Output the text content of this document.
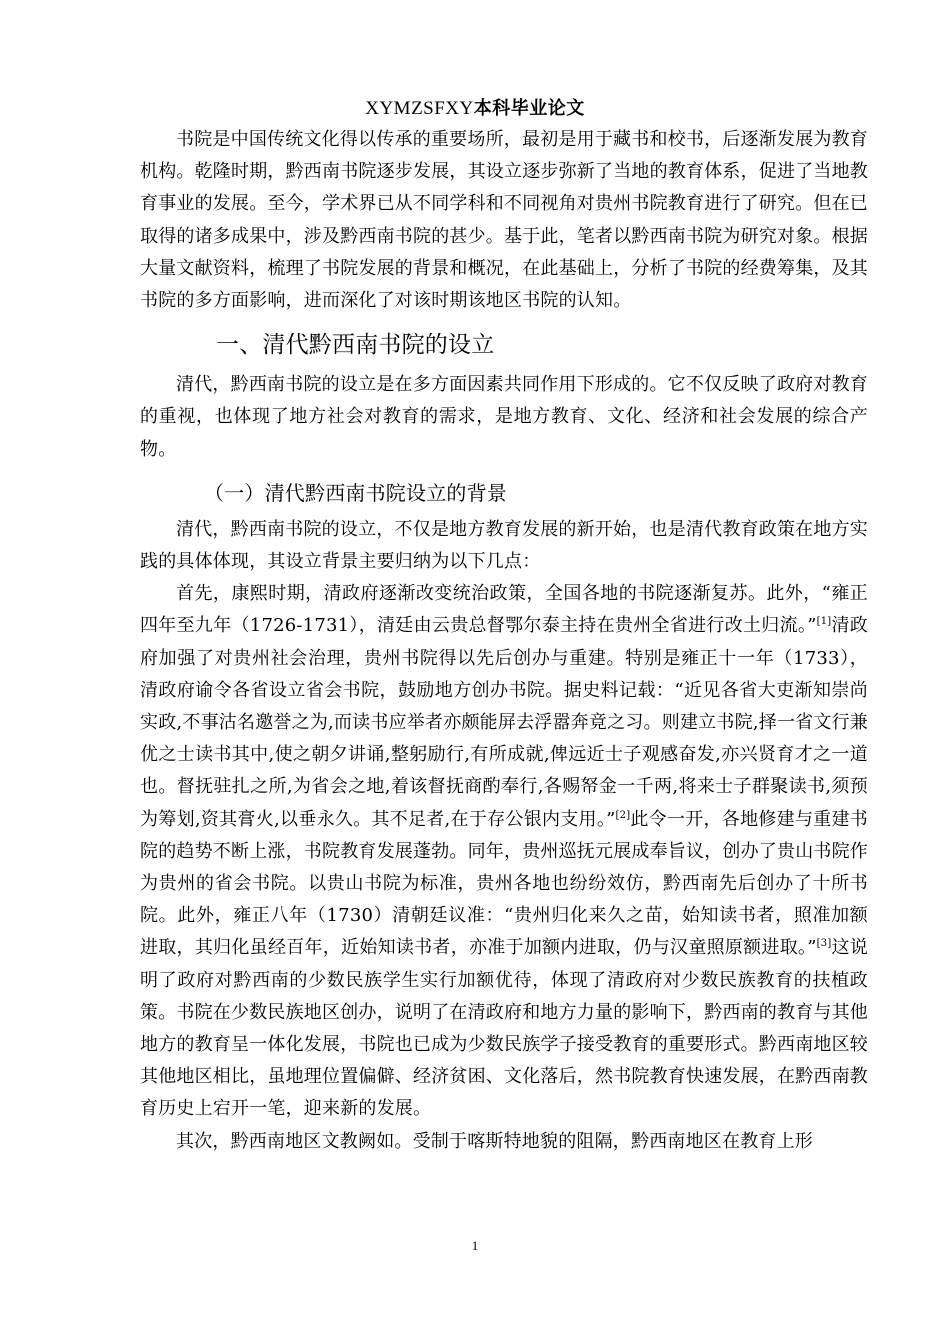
XYMZSFXY本科毕业论文

书院是中国传统文化得以传承的重要场所，最初是用于藏书和校书，后逐渐发展为教育机构。乾隆时期，黔西南书院逐步发展，其设立逐步弥新了当地的教育体系，促进了当地教育事业的发展。至今，学术界已从不同学科和不同视角对贵州书院教育进行了研究。但在已取得的诸多成果中，涉及黔西南书院的甚少。基于此，笔者以黔西南书院为研究对象。根据大量文献资料，梳理了书院发展的背景和概况，在此基础上，分析了书院的经费筹集，及其书院的多方面影响，进而深化了对该时期该地区书院的认知。

一、清代黔西南书院的设立

清代，黔西南书院的设立是在多方面因素共同作用下形成的。它不仅反映了政府对教育的重视，也体现了地方社会对教育的需求，是地方教育、文化、经济和社会发展的综合产物。

（一）清代黔西南书院设立的背景

清代，黔西南书院的设立，不仅是地方教育发展的新开始，也是清代教育政策在地方实践的具体体现，其设立背景主要归纳为以下几点：

首先，康熙时期，清政府逐渐改变统治政策，全国各地的书院逐渐复苏。此外，“雍正四年至九年（1726-1731），清廷由云贵总督鄂尔泰主持在贵州全省进行改土归流。”[1]清政府加强了对贵州社会治理，贵州书院得以先后创办与重建。特别是雍正十一年（1733），清政府谕令各省设立省会书院，鼓励地方创办书院。据史料记载：“近见各省大吏渐知崇尚实政,不事沽名邀誉之为,而读书应举者亦颇能屏去浮嚣奔竟之习。则建立书院,择一省文行兼优之士读书其中,使之朝夕讲诵,整躬励行,有所成就,俾远近士子观感奋发,亦兴贤育才之一道也。督抚驻扎之所,为省会之地,着该督抚商酌奉行,各赐帑金一千两,将来士子群聚读书,须预为筹划,资其膏火,以垂永久。其不足者,在于存公银内支用。”[2]此令一开，各地修建与重建书院的趋势不断上涨，书院教育发展蓬勃。同年，贵州巡抚元展成奉旨议，创办了贵山书院作为贵州的省会书院。以贵山书院为标准，贵州各地也纷纷效仿，黔西南先后创办了十所书院。此外，雍正八年（1730）清朝廷议准：“贵州归化来久之苗，始知读书者，照准加额进取，其归化虽经百年，近始知读书者，亦准于加额内进取，仍与汉童照原额进取。”[3]这说明了政府对黔西南的少数民族学生实行加额优待，体现了清政府对少数民族教育的扶植政策。书院在少数民族地区创办，说明了在清政府和地方力量的影响下，黔西南的教育与其他地方的教育呈一体化发展，书院也已成为少数民族学子接受教育的重要形式。黔西南地区较其他地区相比，虽地理位置偏僻、经济贫困、文化落后，然书院教育快速发展，在黔西南教育历史上宕开一笔，迎来新的发展。

其次，黔西南地区文教阙如。受制于喀斯特地貌的阻隔，黔西南地区在教育上形

1
